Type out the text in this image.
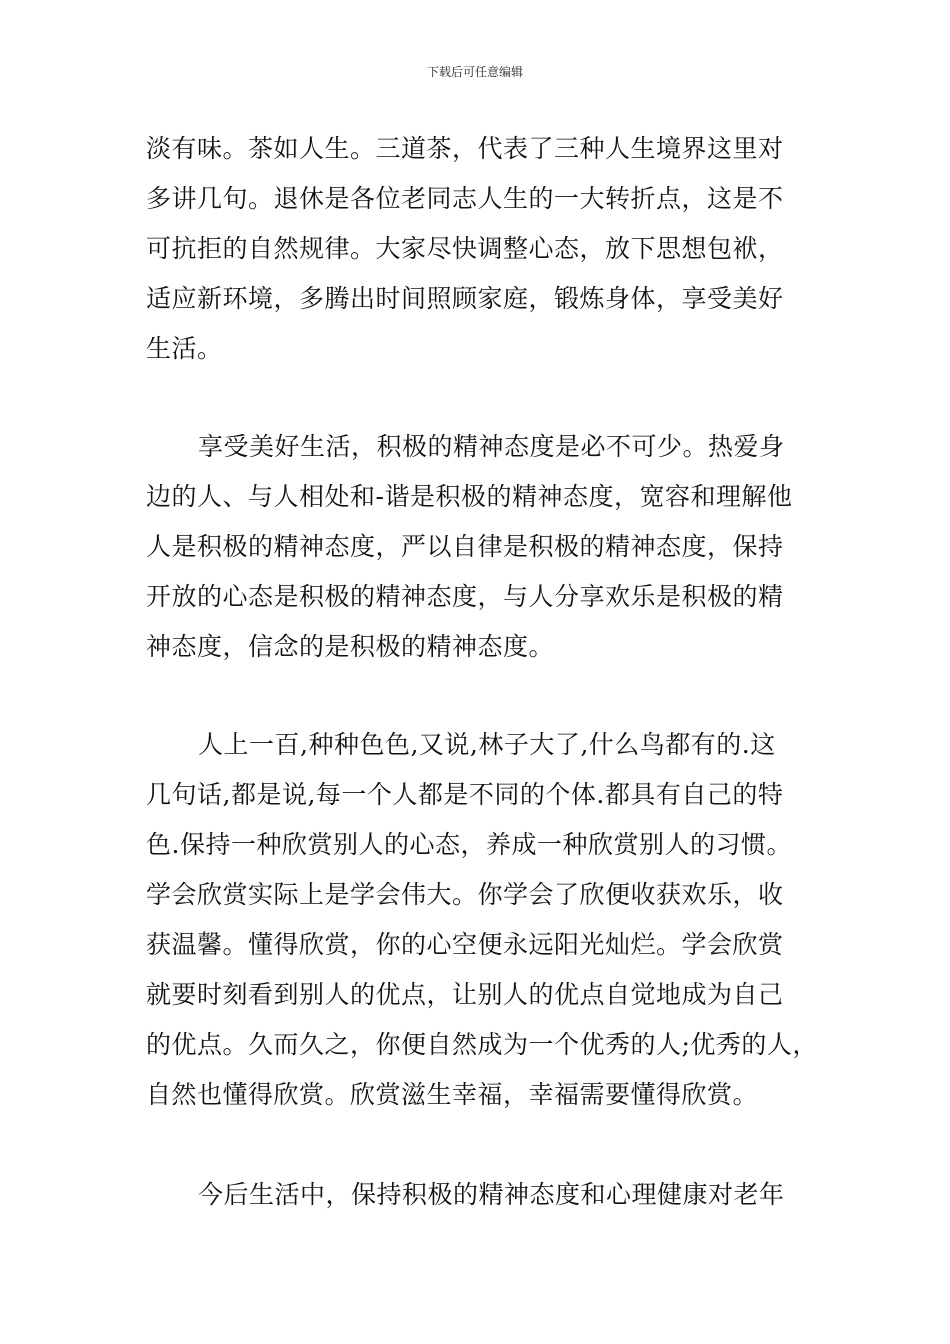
下载后可任意编辑
淡有味。茶如人生。三道茶，代表了三种人生境界这里对
多讲几句。退休是各位老同志人生的一大转折点，这是不
可抗拒的自然规律。大家尽快调整心态，放下思想包袱，
适应新环境，多腾出时间照顾家庭，锻炼身体，享受美好
生活。
享受美好生活，积极的精神态度是必不可少。热爱身
边的人、与人相处和-谐是积极的精神态度，宽容和理解他
人是积极的精神态度，严以自律是积极的精神态度，保持
开放的心态是积极的精神态度，与人分享欢乐是积极的精
神态度，信念的是积极的精神态度。
人上一百,种种色色,又说,林子大了,什么鸟都有的.这
几句话,都是说,每一个人都是不同的个体.都具有自己的特
色.保持一种欣赏别人的心态，养成一种欣赏别人的习惯。
学会欣赏实际上是学会伟大。你学会了欣便收获欢乐，收
获温馨。懂得欣赏，你的心空便永远阳光灿烂。学会欣赏
就要时刻看到别人的优点，让别人的优点自觉地成为自己
的优点。久而久之，你便自然成为一个优秀的人;优秀的人，
自然也懂得欣赏。欣赏滋生幸福，幸福需要懂得欣赏。
今后生活中，保持积极的精神态度和心理健康对老年
